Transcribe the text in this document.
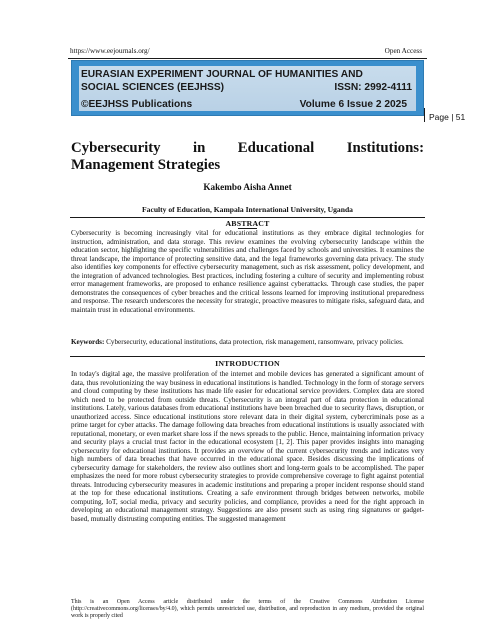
https://www.eejournals.org/	Open Access
EURASIAN EXPERIMENT JOURNAL OF HUMANITIES AND
SOCIAL SCIENCES (EEJHSS)	ISSN: 2992-4111
©EEJHSS Publications	Volume 6 Issue 2 2025
Page | 51
Cybersecurity in Educational Institutions:
Management Strategies
Kakembo Aisha Annet
Faculty of Education, Kampala International University, Uganda
ABSTRACT
Cybersecurity is becoming increasingly vital for educational institutions as they embrace digital technologies for instruction, administration, and data storage. This review examines the evolving cybersecurity landscape within the education sector, highlighting the specific vulnerabilities and challenges faced by schools and universities. It examines the threat landscape, the importance of protecting sensitive data, and the legal frameworks governing data privacy. The study also identifies key components for effective cybersecurity management, such as risk assessment, policy development, and the integration of advanced technologies. Best practices, including fostering a culture of security and implementing robust error management frameworks, are proposed to enhance resilience against cyberattacks. Through case studies, the paper demonstrates the consequences of cyber breaches and the critical lessons learned for improving institutional preparedness and response. The research underscores the necessity for strategic, proactive measures to mitigate risks, safeguard data, and maintain trust in educational environments.
Keywords: Cybersecurity, educational institutions, data protection, risk management, ransomware, privacy policies.
INTRODUCTION
In today's digital age, the massive proliferation of the internet and mobile devices has generated a significant amount of data, thus revolutionizing the way business in educational institutions is handled. Technology in the form of storage servers and cloud computing by these institutions has made life easier for educational service providers. Complex data are stored which need to be protected from outside threats. Cybersecurity is an integral part of data protection in educational institutions. Lately, various databases from educational institutions have been breached due to security flaws, disruption, or unauthorized access. Since educational institutions store relevant data in their digital system, cybercriminals pose as a prime target for cyber attacks. The damage following data breaches from educational institutions is usually associated with reputational, monetary, or even market share loss if the news spreads to the public. Hence, maintaining information privacy and security plays a crucial trust factor in the educational ecosystem [1, 2]. This paper provides insights into managing cybersecurity for educational institutions. It provides an overview of the current cybersecurity trends and indicates very high numbers of data breaches that have occurred in the educational space. Besides discussing the implications of cybersecurity damage for stakeholders, the review also outlines short and long-term goals to be accomplished. The paper emphasizes the need for more robust cybersecurity strategies to provide comprehensive coverage to fight against potential threats. Introducing cybersecurity measures in academic institutions and preparing a proper incident response should stand at the top for these educational institutions. Creating a safe environment through bridges between networks, mobile computing, IoT, social media, privacy and security policies, and compliance, provides a need for the right approach in developing an educational management strategy. Suggestions are also present such as using ring signatures or gadget-based, mutually distrusting computing entities. The suggested management
This is an Open Access article distributed under the terms of the Creative Commons Attribution License (http://creativecommons.org/licenses/by/4.0), which permits unrestricted use, distribution, and reproduction in any medium, provided the original work is properly cited
